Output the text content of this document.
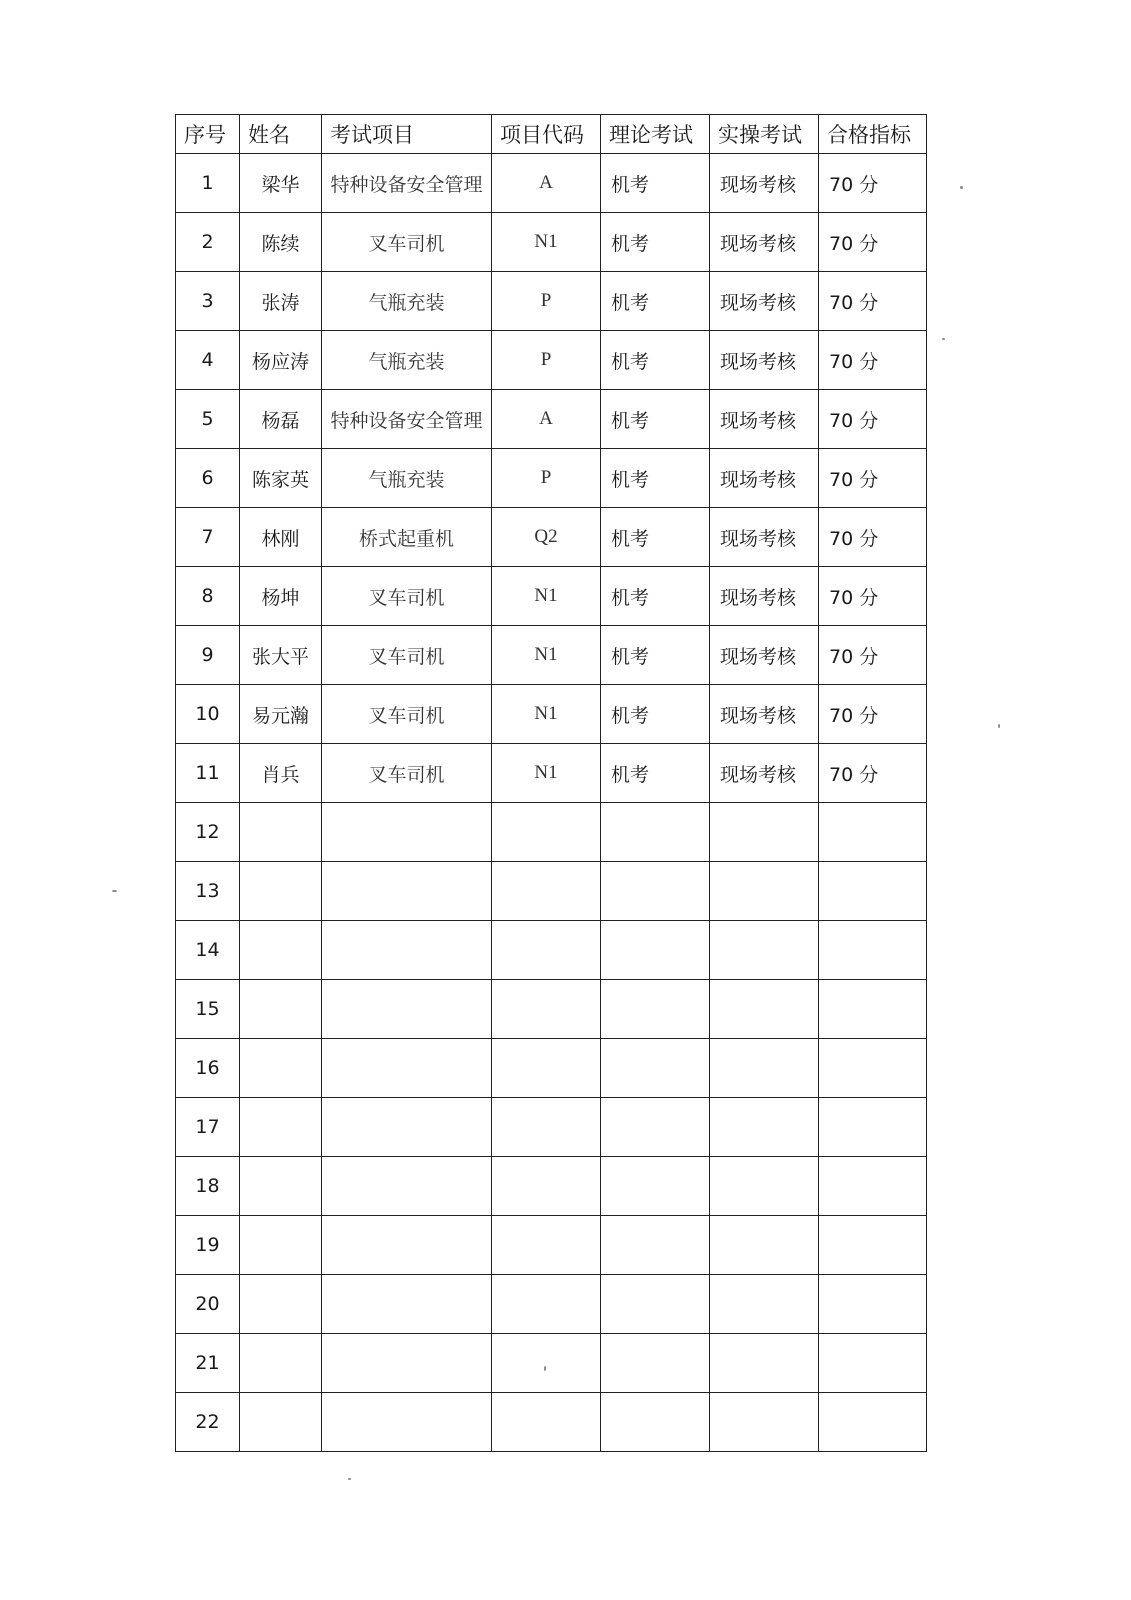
序号	姓名	考试项目	项目代码	理论考试	实操考试	合格指标
1	梁华	特种设备安全管理	A	机考	现场考核	70 分
2	陈续	叉车司机	N1	机考	现场考核	70 分
3	张涛	气瓶充装	P	机考	现场考核	70 分
4	杨应涛	气瓶充装	P	机考	现场考核	70 分
5	杨磊	特种设备安全管理	A	机考	现场考核	70 分
6	陈家英	气瓶充装	P	机考	现场考核	70 分
7	林刚	桥式起重机	Q2	机考	现场考核	70 分
8	杨坤	叉车司机	N1	机考	现场考核	70 分
9	张大平	叉车司机	N1	机考	现场考核	70 分
10	易元瀚	叉车司机	N1	机考	现场考核	70 分
11	肖兵	叉车司机	N1	机考	现场考核	70 分
12						
13						
14						
15						
16						
17						
18						
19						
20						
21						
22						
